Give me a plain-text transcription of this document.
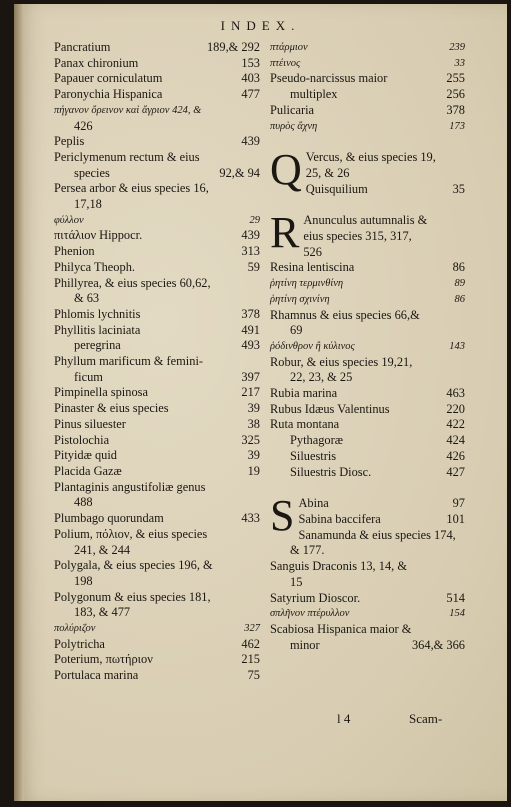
INDEX.
Pancratium	189,& 292
Panax chironium	153
Papauer corniculatum	403
Paronychia Hispanica	477
πήγανον ὄρεινον καὶ ἄγριον 424, &
426
Peplis	439
Periclymenum rectum & eius
species	92,& 94
Persea arbor & eius species 16,
17,18
φύλλον	29
πιτάλιον Hippocr.	439
Phenion	313
Philyca Theoph.	59
Phillyrea, & eius species 60,62,
& 63
Phlomis lychnitis	378
Phyllitis laciniata	491
peregrina	493
Phyllum marificum & femini-
ficum	397
Pimpinella spinosa	217
Pinaster & eius species	39
Pinus siluester	38
Pistolochia	325
Pityidæ quid	39
Placida Gazæ	19
Plantaginis angustifoliæ genus
488
Plumbago quorundam	433
Polium, πόλιον, & eius species
241, & 244
Polygala, & eius species 196, &
198
Polygonum & eius species 181,
183, & 477
πολύριζον	327
Polytricha	462
Poterium, πωτήριον	215
Portulaca marina	75
πτάρμιον	239
πτέινος	33
Pseudo-narcissus maior	255
multiplex	256
Pulicaria	378
πυρὸς ἄχνη	173
Q Vercus, & eius species 19,
25, & 26
Quisquilium	35
R Anunculus autumnalis &
eius species 315, 317,
526
Resina lentiscina	86
ῥητίνη τερμινθίνη	89
ῥητίνη σχινίνη	86
Rhamnus & eius species 66,&
69
ῥόδινθρον ἢ κύλινος	143
Robur, & eius species 19,21,
22, 23, & 25
Rubia marina	463
Rubus Idæus Valentinus	220
Ruta montana	422
Pythagoræ	424
Siluestris	426
Siluestris Diosc.	427
S Abina	97
Sabina baccifera	101
Sanamunda & eius species 174,
& 177.
Sanguis Draconis 13, 14, &
15
Satyrium Dioscor.	514
σπλῆνον πτέρυλλον	154
Scabiosa Hispanica maior &
minor	364,& 366
l 4	Scam-
